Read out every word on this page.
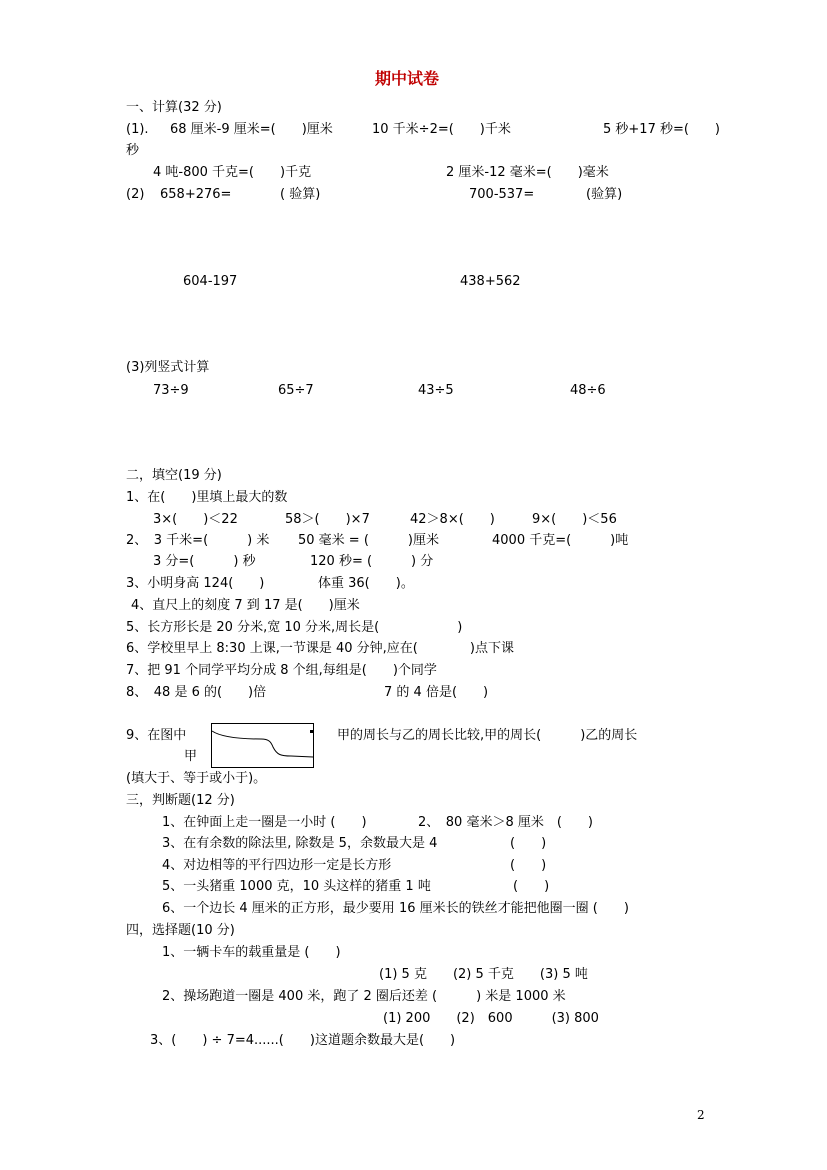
期中试卷
一、计算(32 分)
(1). 68 厘米-9 厘米=(　　)厘米	10 千米÷2=(　　)千米	5 秒+17 秒=(　　)
秒
4 吨-800 千克=(　　)千克	2 厘米-12 毫米=(　　)毫米
(2) 658+276=	( 验算)	700-537=	(验算)
604-197	438+562
(3)列竖式计算
73÷9	65÷7	43÷5	48÷6
二，填空(19 分)
1、在(　　)里填上最大的数
3×(　　)＜22	58＞(　　)×7	42＞8×(　　)	9×(　　)＜56
2、　3 千米=(　　　) 米 50 毫米 = (　　　)厘米	4000 千克=(　　　)吨
3 分=(　　　) 秒	120 秒= (　　　) 分
3、小明身高 124(　　)	体重 36(　　)。
4、直尺上的刻度 7 到 17 是(　　)厘米
5、长方形长是 20 分米,宽 10 分米,周长是(　　　　　　)
6、学校里早上 8:30 上课,一节课是 40 分钟,应在(　　　　)点下课
7、把 91 个同学平均分成 8 个组,每组是(　　)个同学
8、　48 是 6 的(　　)倍	7 的 4 倍是(　　)
9、在图中
甲
甲的周长与乙的周长比较,甲的周长(　　　)乙的周长
(填大于、等于或小于)。
三，判断题(12 分)
1、在钟面上走一圈是一小时 (　　)	2、　80 毫米＞8 厘米　(　　)
3、在有余数的除法里, 除数是 5，余数最大是 4	(　　)
4、对边相等的平行四边形一定是长方形	(　　)
5、一头猪重 1000 克，10 头这样的猪重 1 吨	(　　)
6、一个边长 4 厘米的正方形，最少要用 16 厘米长的铁丝才能把他圈一圈 (　　)
四，选择题(10 分)
1、一辆卡车的载重量是 (　　)
(1) 5 克　　(2) 5 千克　　(3) 5 吨
2、操场跑道一圈是 400 米，跑了 2 圈后还差 (　　　) 米是 1000 米
(1) 200　　(2)　600　　　(3) 800
3、(　　) ÷ 7=4......(　　)这道题余数最大是(　　)
2
